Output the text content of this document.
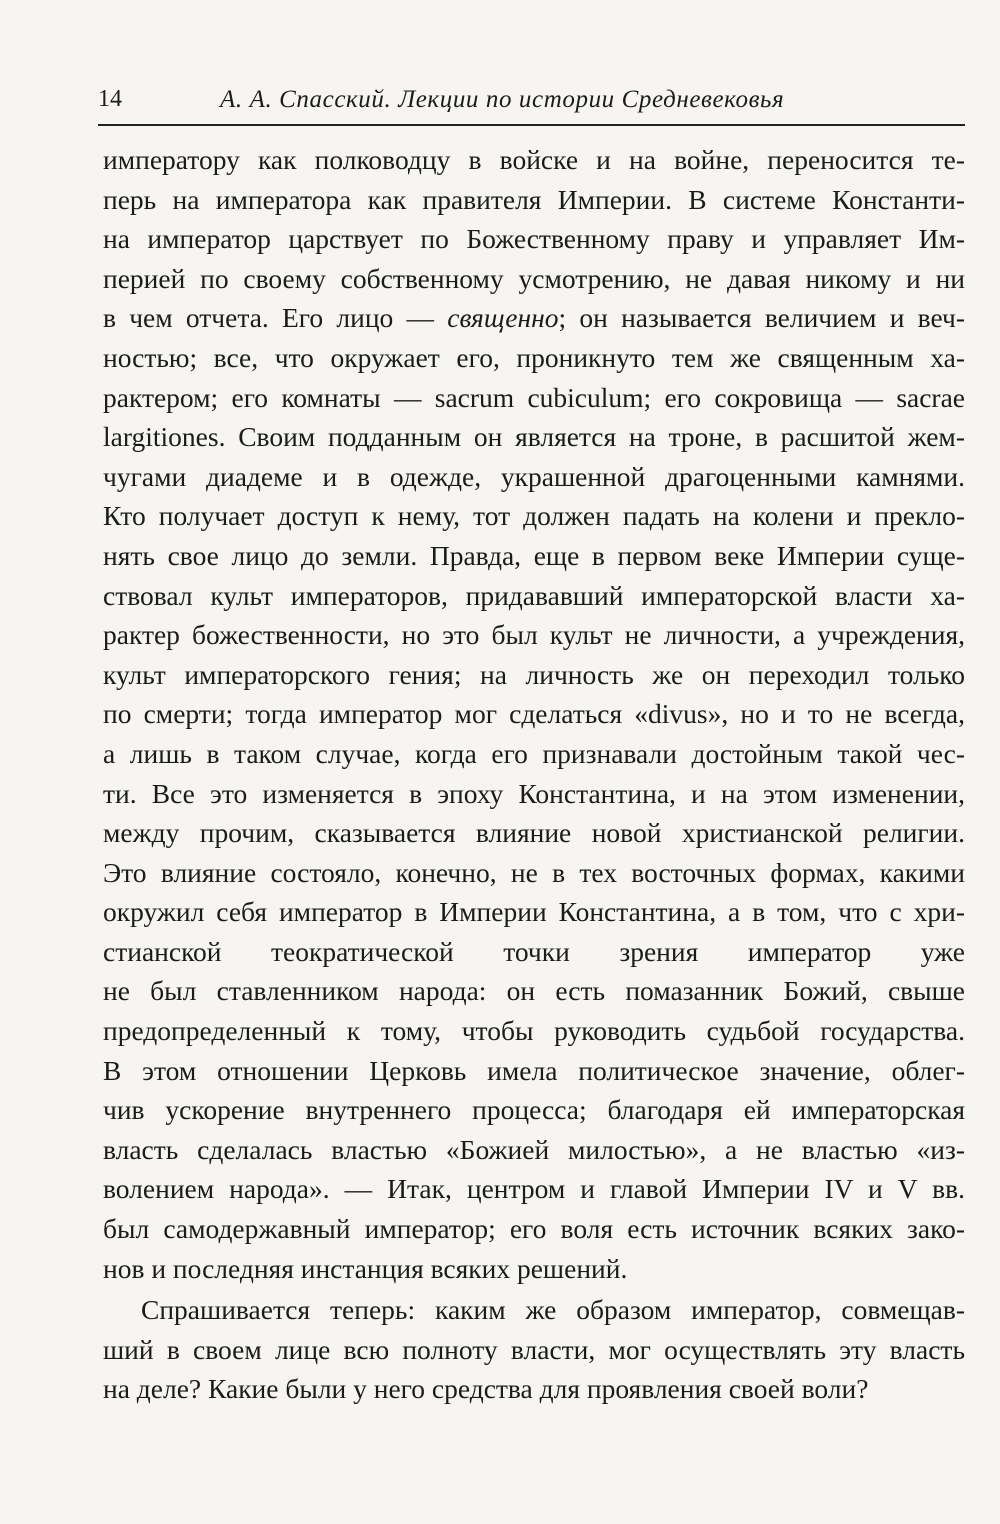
14	А. А. Спасский. Лекции по истории Средневековья
императору как полководцу в войске и на войне, переносится те-
перь на императора как правителя Империи. В системе Константи-
на император царствует по Божественному праву и управляет Им-
перией по своему собственному усмотрению, не давая никому и ни
в чем отчета. Его лицо — священно; он называется величием и веч-
ностью; все, что окружает его, проникнуто тем же священным ха-
рактером; его комнаты — sacrum cubiculum; его сокровища — sacrae
largitiones. Своим подданным он является на троне, в расшитой жем-
чугами диадеме и в одежде, украшенной драгоценными камнями.
Кто получает доступ к нему, тот должен падать на колени и прекло-
нять свое лицо до земли. Правда, еще в первом веке Империи суще-
ствовал культ императоров, придававший императорской власти ха-
рактер божественности, но это был культ не личности, а учреждения,
культ императорского гения; на личность же он переходил только
по смерти; тогда император мог сделаться «divus», но и то не всегда,
а лишь в таком случае, когда его признавали достойным такой чес-
ти. Все это изменяется в эпоху Константина, и на этом изменении,
между прочим, сказывается влияние новой христианской религии.
Это влияние состояло, конечно, не в тех восточных формах, какими
окружил себя император в Империи Константина, а в том, что с хри-
стианской теократической точки зрения император уже
не был ставленником народа: он есть помазанник Божий, свыше
предопределенный к тому, чтобы руководить судьбой государства.
В этом отношении Церковь имела политическое значение, облег-
чив ускорение внутреннего процесса; благодаря ей императорская
власть сделалась властью «Божией милостью», а не властью «из-
волением народа». — Итак, центром и главой Империи IV и V вв.
был самодержавный император; его воля есть источник всяких зако-
нов и последняя инстанция всяких решений.
Спрашивается теперь: каким же образом император, совмещав-
ший в своем лице всю полноту власти, мог осуществлять эту власть
на деле? Какие были у него средства для проявления своей воли?
